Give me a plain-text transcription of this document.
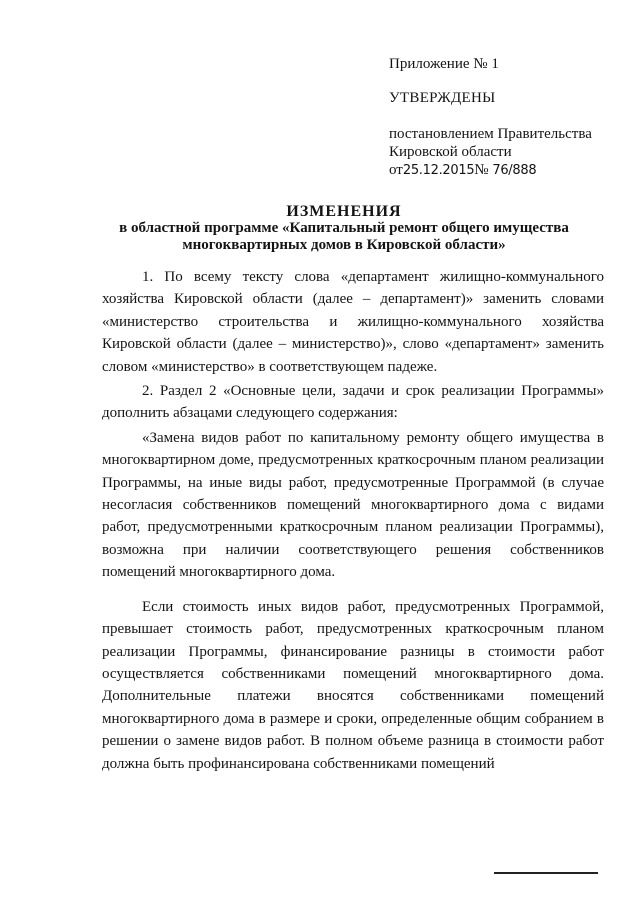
Приложение № 1
УТВЕРЖДЕНЫ
постановлением Правительства
Кировской области
от25.12.2015№ 76/888
ИЗМЕНЕНИЯ
в областной программе «Капитальный ремонт общего имущества
многоквартирных домов в Кировской области»

1. По всему тексту слова «департамент жилищно-коммунального хозяйства Кировской области (далее – департамент)» заменить словами «министерство строительства и жилищно-коммунального хозяйства Кировской области (далее – министерство)», слово «департамент» заменить словом «министерство» в соответствующем падеже.

2. Раздел 2 «Основные цели, задачи и срок реализации Программы» дополнить абзацами следующего содержания:

«Замена видов работ по капитальному ремонту общего имущества в многоквартирном доме, предусмотренных краткосрочным планом реализации Программы, на иные виды работ, предусмотренные Программой (в случае несогласия собственников помещений многоквартирного дома с видами работ, предусмотренными краткосрочным планом реализации Программы), возможна при наличии соответствующего решения собственников помещений многоквартирного дома.

Если стоимость иных видов работ, предусмотренных Программой, превышает стоимость работ, предусмотренных краткосрочным планом реализации Программы, финансирование разницы в стоимости работ осуществляется собственниками помещений многоквартирного дома. Дополнительные платежи вносятся собственниками помещений многоквартирного дома в размере и сроки, определенные общим собранием в решении о замене видов работ. В полном объеме разница в стоимости работ должна быть профинансирована собственниками помещений
